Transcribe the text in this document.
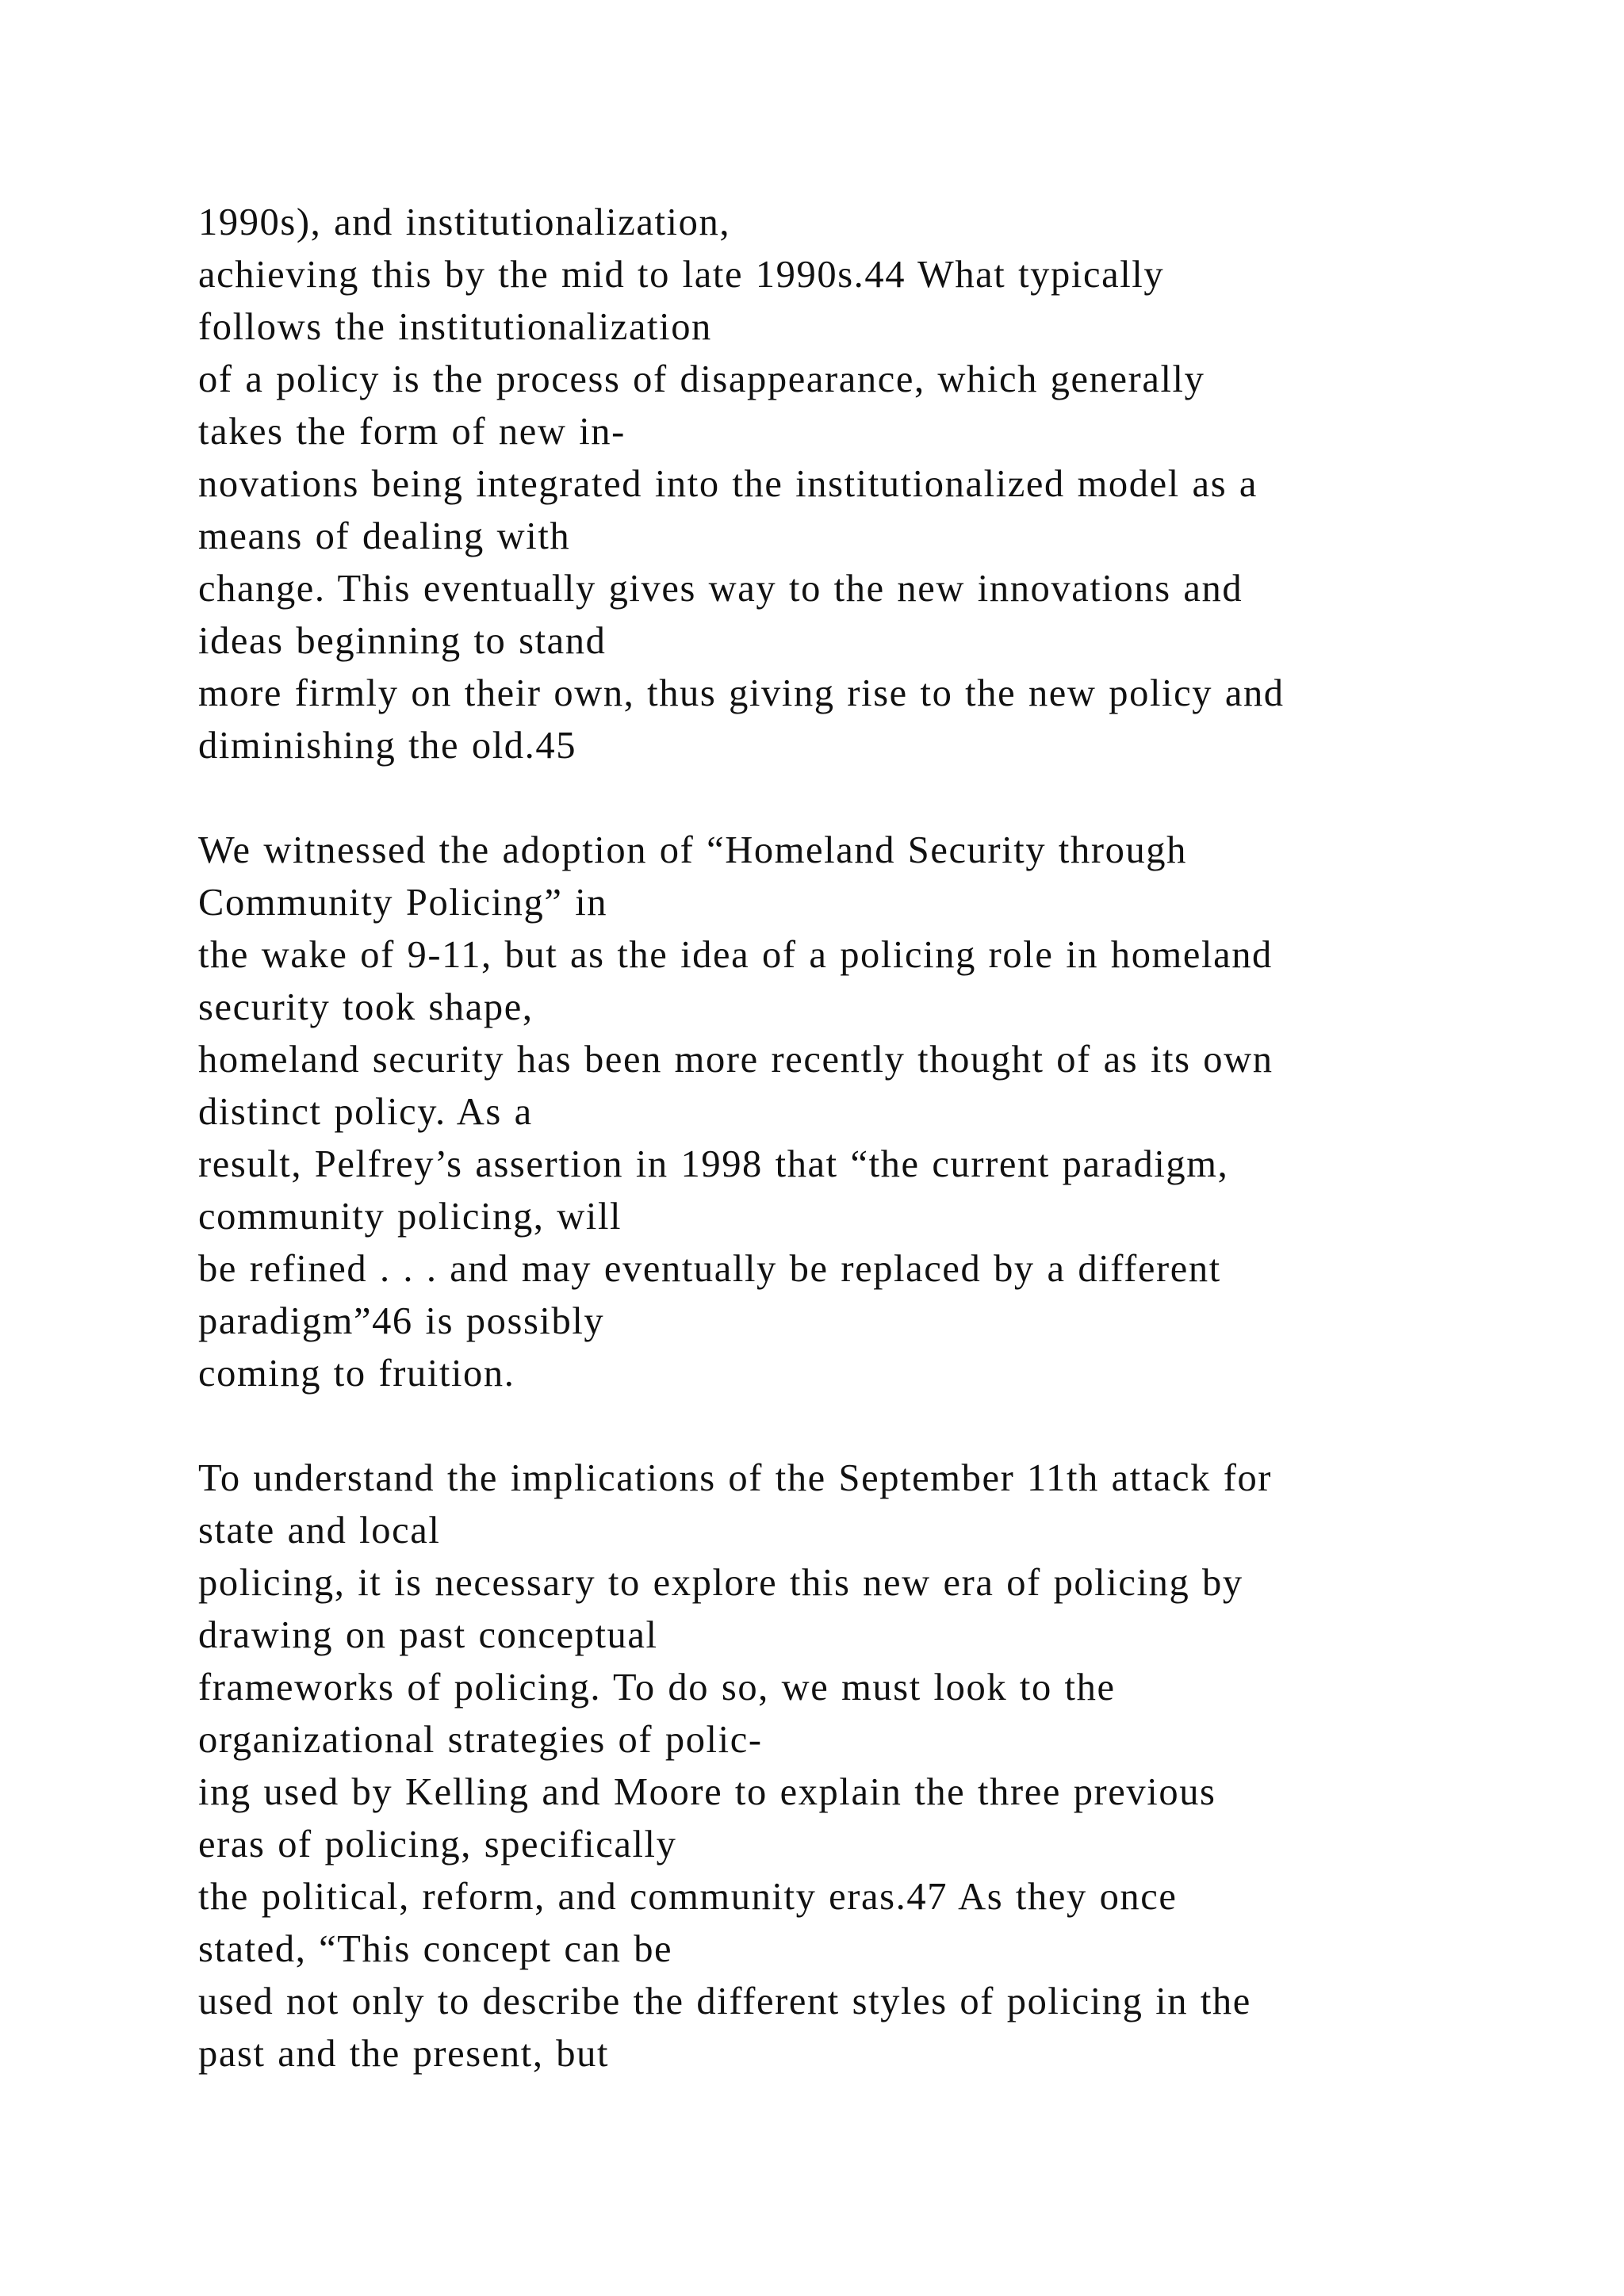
1990s), and institutionalization,
achieving this by the mid to late 1990s.44 What typically
follows the institutionalization
of a policy is the process of disappearance, which generally
takes the form of new in-
novations being integrated into the institutionalized model as a
means of dealing with
change. This eventually gives way to the new innovations and
ideas beginning to stand
more firmly on their own, thus giving rise to the new policy and
diminishing the old.45
We witnessed the adoption of “Homeland Security through
Community Policing” in
the wake of 9-11, but as the idea of a policing role in homeland
security took shape,
homeland security has been more recently thought of as its own
distinct policy. As a
result, Pelfrey’s assertion in 1998 that “the current paradigm,
community policing, will
be refined . . . and may eventually be replaced by a different
paradigm”46 is possibly
coming to fruition.
To understand the implications of the September 11th attack for
state and local
policing, it is necessary to explore this new era of policing by
drawing on past conceptual
frameworks of policing. To do so, we must look to the
organizational strategies of polic-
ing used by Kelling and Moore to explain the three previous
eras of policing, specifically
the political, reform, and community eras.47 As they once
stated, “This concept can be
used not only to describe the different styles of policing in the
past and the present, but
